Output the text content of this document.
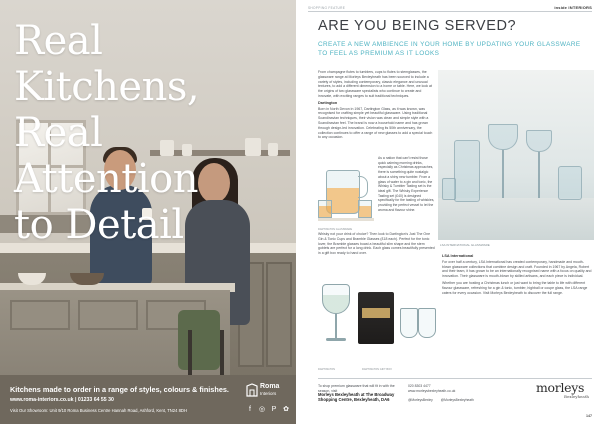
Real Kitchens,
Real Attention
to Detail
Kitchens made to order in a range of styles, colours & finishes.
www.roma-interiors.co.uk | 01233 64 55 30
Visit Our Showroom: Unit 9/10 Roma Business Centre Hannah Road, Ashford, Kent, TN24 8DH
Roma
Interiors
f	◎ P ✿
SHOPPING FEATURE	inside INTERIORS
ARE YOU BEING SERVED?
CREATE A NEW AMBIENCE IN YOUR HOME BY UPDATING YOUR GLASSWARE
TO FEEL AS PREMIUM AS IT LOOKS

From champagne flutes to tumblers, cups to flutes to stemglasses, the glassware range at Morleys Bexleyheath has been sourced to include a variety of styles, including contemporary, classic elegance and unusual textures, to add a different dimension to a home or table. Here, we look at the origins of two glassware specialists who continue to create and innovate, with exciting ranges to suit traditional techniques.

Dartington

Born in North Devon in 1967, Dartington Glass, as it was known, was recognised for crafting simple yet beautiful glassware. Using traditional Scandinavian techniques, their vision was clean and simple style with a Scandinavian feel. The brand is now a household name and has grown through design-led innovation. Celebrating its 50th anniversary, the collection continues to offer a range of new glasses to add a special touch to any occasion.

DARTINGTON GLASSWARE
As a nation that can't resist those quick calming morning drinks, especially as Christmas approaches, there is something quite nostalgic about a shiny new tumbler. From a glass of water to a gin and tonic, the Whisky & Tumbler Tasting set is the ideal gift. The Whisky Experience Tasting set (£40) is designed specifically for the tasting of whiskies, providing the perfect vessel to let the aroma and flavour shine.

Whisky not your drink of choice? Then look to Dartington's Just The One Gin & Tonic Cups and Bramble Glasses (£18 each). Perfect for the tonic lover, the Bramble glasses boast a beautiful slim shape and the stem goblets are perfect for a long drink. Each glass comes beautifully presented in a gift box ready to hand over.

DARTINGTON	DARTINGTON GIFT BOX
LSA INTERNATIONAL GLASSWARE
LSA International

For over half a century, LSA International has created contemporary, handmade and mouth-blown glassware collections that combine design and craft. Founded in 1967 by Angela, Robert and their team, it has grown to be an internationally recognised name with a focus on quality and innovation. Their glassware is mouth-blown by skilled artisans, and each piece is individual.

Whether you are hosting a Christmas lunch or just want to bring the table to life with different flavour glassware, refreshing for a gin & tonic, tumbler, highball or coupe glass, the LSA range caters for every occasion. Visit Morleys Bexleyheath to discover the full range.

To shop premium glassware that will fit in with the season, visit
Morleys Bexleyheath at The Broadway Shopping Centre, Bexleyheath, DA6
020 8303 4477
www.morleysbexleyheath.co.uk
@MorleysBexley @MorleysBexleyheath
morleys
Bexleyheath
147
